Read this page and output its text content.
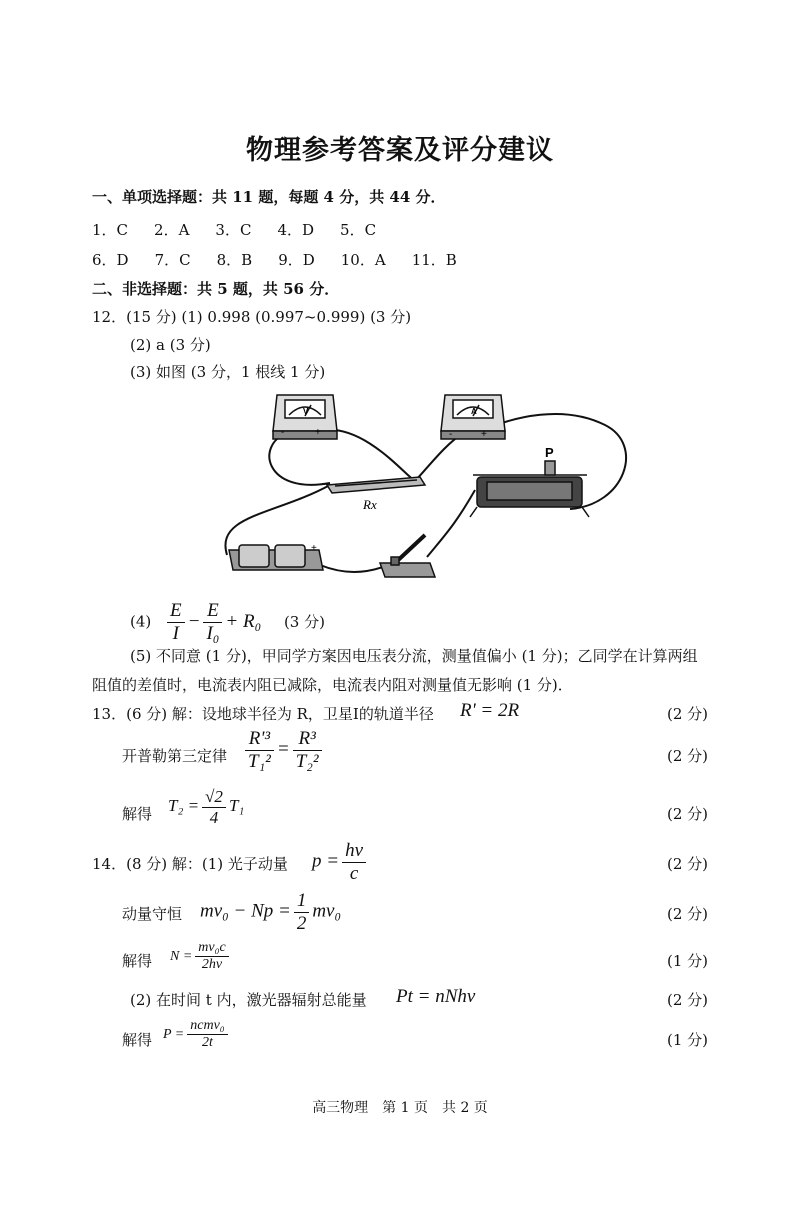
物理参考答案及评分建议
一、单项选择题：共 11 题，每题 4 分，共 44 分．
1．C 2．A 3．C 4．D 5．C
6．D 7．C 8．B 9．D 10．A 11．B
二、非选择题：共 5 题，共 56 分．
12．(15 分) (1) 0.998 (0.997~0.999) (3 分)
(2) a (3 分)
(3) 如图 (3 分，1 根线 1 分)
V
-	+
A
-	+
Rx
P
+
$(4) \frac{E}{I} - \frac{E}{\text{I₀}} + R_0$ (3 分)
(5) 不同意 (1 分)，甲同学方案因电压表分流，测量值偏小 (1 分)；乙同学在计算两组阻值的差值时，电流表内阻已减除，电流表内阻对测量值无影响 (1 分)．
13．(6 分) 解：设地球半径为 R，卫星I的轨道半径 R' = 2R	(2 分)
开普勒第三定律 $\frac{\text{R'³}}{\text{T₁²}} = \frac{\text{R³}}{\text{T₂²}}$	(2 分)
解得 $T_2 = \frac{√2}{4} T_1$	(2 分)
14．(8 分) 解：(1) 光子动量 $p = \frac{h\nu}{c}$	(2 分)
动量守恒 $mv_0 - Np = \frac{1}{2} mv_0$	(2 分)
解得 $N = \frac{\text{mv₀c}}{2h\nu}$	(1 分)
(2) 在时间 t 内，激光器辐射总能量 Pt = nNhν	(2 分)
解得 $P = \frac{\text{ncmv₀}}{2t}$	(1 分)
高三物理　第 1 页　共 2 页
